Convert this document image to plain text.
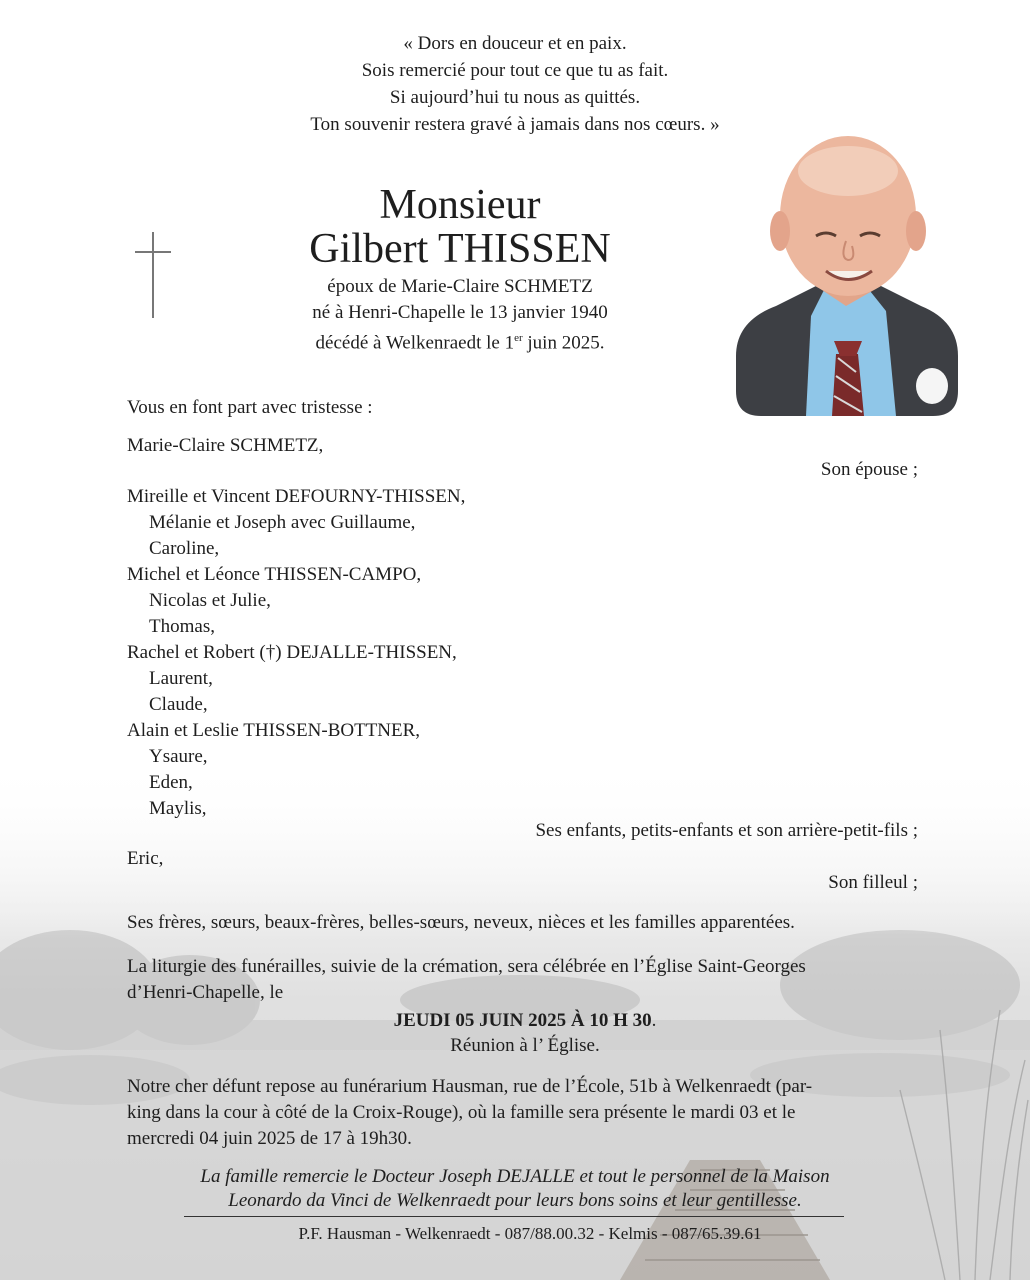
« Dors en douceur et en paix.
Sois remercié pour tout ce que tu as fait.
Si aujourd’hui tu nous as quittés.
Ton souvenir restera gravé à jamais dans nos cœurs. »
Monsieur
Gilbert THISSEN
époux de Marie-Claire SCHMETZ
né à Henri-Chapelle le 13 janvier 1940
décédé à Welkenraedt le 1er juin 2025.
Vous en font part avec tristesse :
Marie-Claire SCHMETZ,
Son épouse ;
Mireille et Vincent DEFOURNY-THISSEN,
Mélanie et Joseph avec Guillaume,
Caroline,
Michel et Léonce THISSEN-CAMPO,
Nicolas et Julie,
Thomas,
Rachel et Robert (†) DEJALLE-THISSEN,
Laurent,
Claude,
Alain et Leslie THISSEN-BOTTNER,
Ysaure,
Eden,
Maylis,
Ses enfants, petits-enfants et son arrière-petit-fils ;
Eric,
Son filleul ;
Ses frères, sœurs, beaux-frères, belles-sœurs, neveux, nièces et les familles apparentées.
La liturgie des funérailles, suivie de la crémation, sera célébrée en l’Église Saint-Georges
d’Henri-Chapelle, le
JEUDI 05 JUIN 2025 À 10 H 30.
Réunion à l’ Église.
Notre cher défunt repose au funérarium Hausman, rue de l’École, 51b à Welkenraedt (par-
king dans la cour à côté de la Croix-Rouge), où la famille sera présente le mardi 03 et le
mercredi 04 juin 2025 de 17 à 19h30.
La famille remercie le Docteur Joseph DEJALLE et tout le personnel de la Maison
Leonardo da Vinci de Welkenraedt pour leurs bons soins et leur gentillesse.
P.F. Hausman - Welkenraedt - 087/88.00.32 - Kelmis - 087/65.39.61
